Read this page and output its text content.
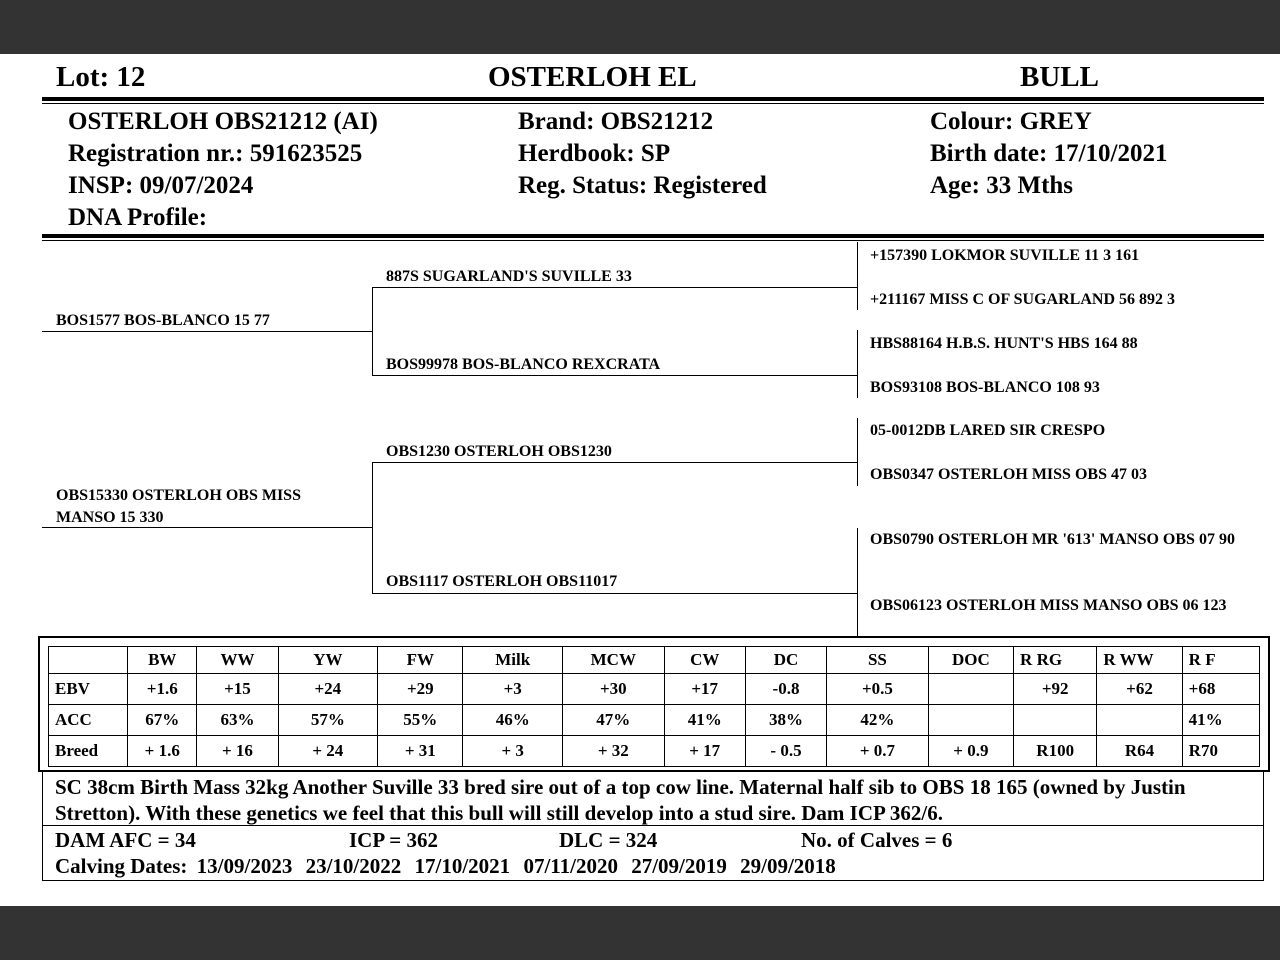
Lot: 12	OSTERLOH EL	BULL
OSTERLOH OBS21212 (AI)
Registration nr.: 591623525
INSP: 09/07/2024
DNA Profile:
Brand: OBS21212
Herdbook: SP
Reg. Status: Registered
Colour: GREY
Birth date: 17/10/2021
Age: 33 Mths
BOS1577 BOS-BLANCO 15 77
OBS15330 OSTERLOH OBS MISS MANSO 15 330
887S SUGARLAND'S SUVILLE 33
BOS99978 BOS-BLANCO REXCRATA
OBS1230 OSTERLOH OBS1230
OBS1117 OSTERLOH OBS11017
+157390 LOKMOR SUVILLE 11 3 161
+211167 MISS C OF SUGARLAND 56 892 3
HBS88164 H.B.S. HUNT'S HBS 164 88
BOS93108 BOS-BLANCO 108 93
05-0012DB LARED SIR CRESPO
OBS0347 OSTERLOH MISS OBS 47 03
OBS0790 OSTERLOH MR '613' MANSO OBS 07 90
OBS06123 OSTERLOH MISS MANSO OBS 06 123
	BW	WW	YW	FW	Milk	MCW	CW	DC	SS	DOC	R RG	R WW	R F
EBV	+1.6	+15	+24	+29	+3	+30	+17	-0.8	+0.5		+92	+62	+68
ACC	67%	63%	57%	55%	46%	47%	41%	38%	42%				41%
Breed	+ 1.6	+ 16	+ 24	+ 31	+ 3	+ 32	+ 17	- 0.5	+ 0.7	+ 0.9	R100	R64	R70
SC 38cm Birth Mass 32kg Another Suville 33 bred sire out of a top cow line. Maternal half sib to OBS 18 165 (owned by Justin Stretton). With these genetics we feel that this bull will still develop into a stud sire. Dam ICP 362/6.
DAM AFC = 34	ICP = 362	DLC = 324	No. of Calves = 6
Calving Dates: 13/09/2023 23/10/2022 17/10/2021 07/11/2020 27/09/2019 29/09/2018
